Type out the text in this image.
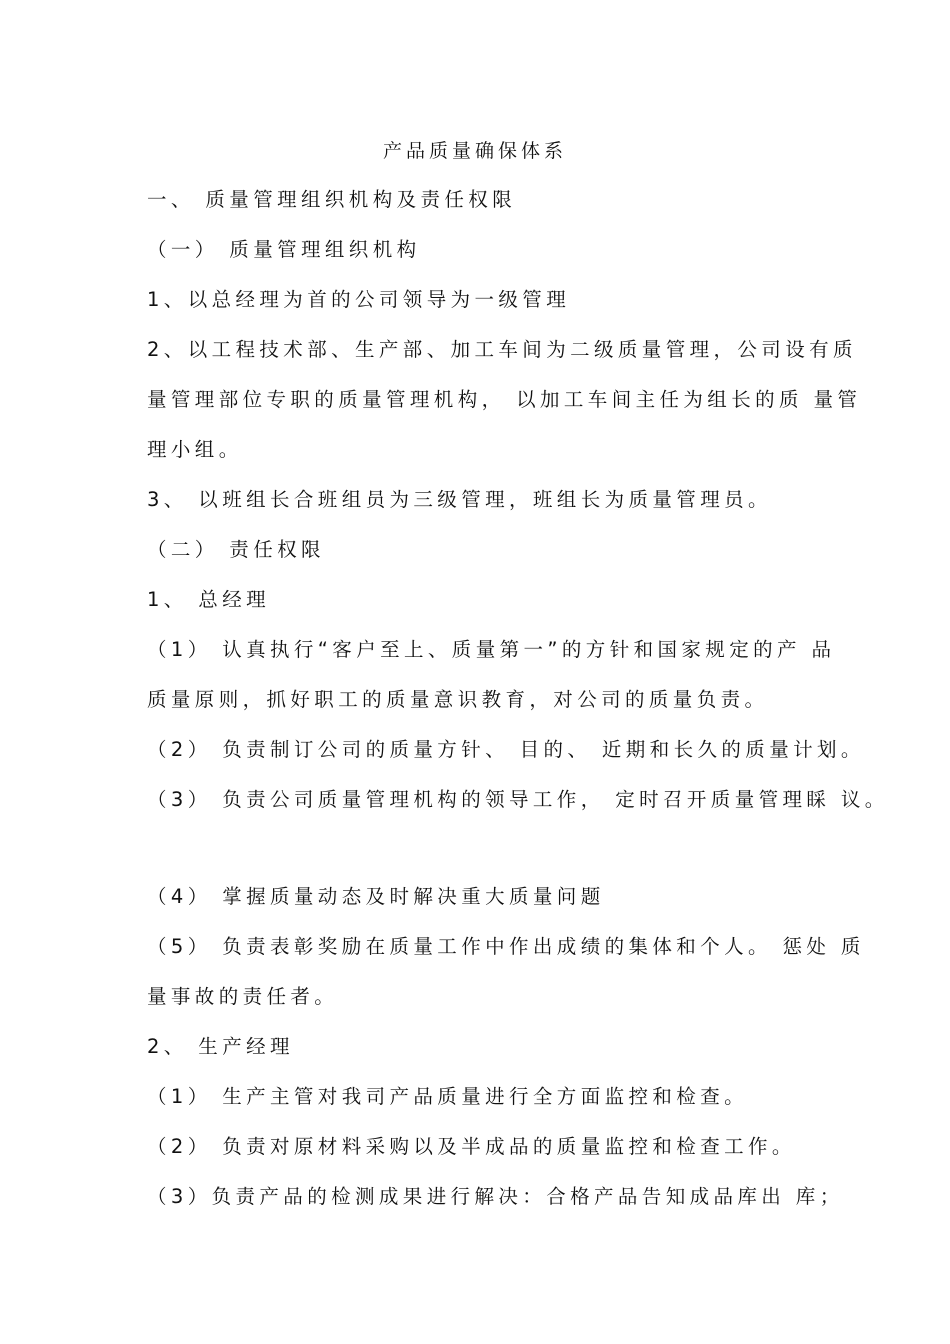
产品质量确保体系
一、 质量管理组织机构及责任权限
（一） 质量管理组织机构
1、以总经理为首的公司领导为一级管理
2、以工程技术部、生产部、加工车间为二级质量管理，公司设有质
量管理部位专职的质量管理机构， 以加工车间主任为组长的质 量管
理小组。
3、 以班组长合班组员为三级管理，班组长为质量管理员。
（二） 责任权限
1、 总经理
（1） 认真执行“客户至上、质量第一”的方针和国家规定的产 品
质量原则，抓好职工的质量意识教育，对公司的质量负责。
（2） 负责制订公司的质量方针、 目的、 近期和长久的质量计划。
（3） 负责公司质量管理机构的领导工作， 定时召开质量管理睬 议。
（4） 掌握质量动态及时解决重大质量问题
（5） 负责表彰奖励在质量工作中作出成绩的集体和个人。 惩处 质
量事故的责任者。
2、 生产经理
（1） 生产主管对我司产品质量进行全方面监控和检查。
（2） 负责对原材料采购以及半成品的质量监控和检查工作。
（3）负责产品的检测成果进行解决：合格产品告知成品库出 库；
